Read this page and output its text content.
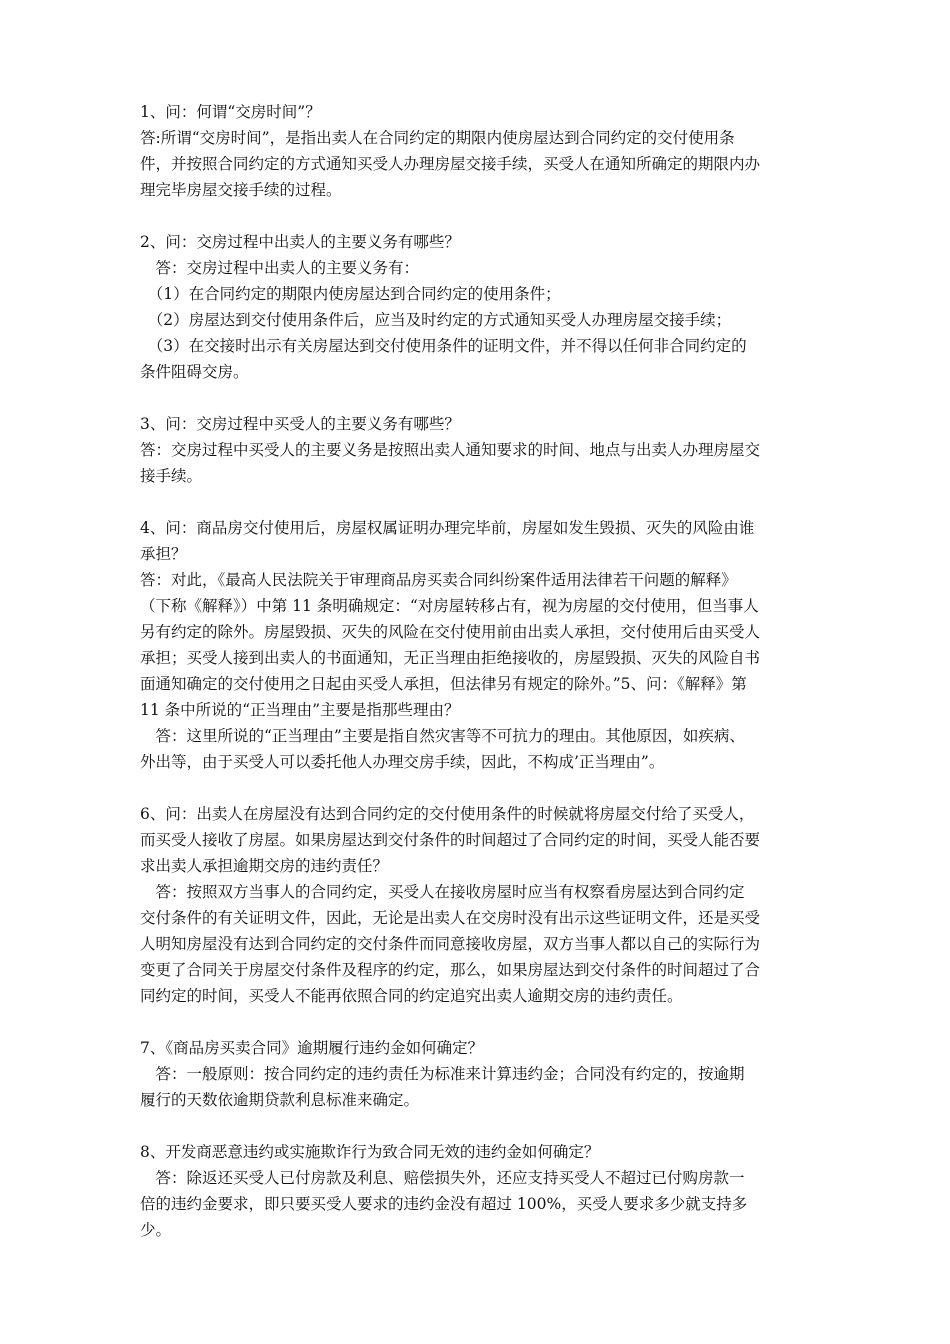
1、问：何谓“交房时间”？
答:所谓“交房时间”，是指出卖人在合同约定的期限内使房屋达到合同约定的交付使用条
件，并按照合同约定的方式通知买受人办理房屋交接手续，买受人在通知所确定的期限内办
理完毕房屋交接手续的过程。
2、问：交房过程中出卖人的主要义务有哪些？
　答：交房过程中出卖人的主要义务有：
　（1）在合同约定的期限内使房屋达到合同约定的使用条件；
　（2）房屋达到交付使用条件后，应当及时约定的方式通知买受人办理房屋交接手续；
　（3）在交接时出示有关房屋达到交付使用条件的证明文件，并不得以任何非合同约定的
条件阻碍交房。
3、问：交房过程中买受人的主要义务有哪些？
答：交房过程中买受人的主要义务是按照出卖人通知要求的时间、地点与出卖人办理房屋交
接手续。
4、问：商品房交付使用后，房屋权属证明办理完毕前，房屋如发生毁损、灭失的风险由谁
承担？
答：对此，《最高人民法院关于审理商品房买卖合同纠纷案件适用法律若干问题的解释》
（下称《解释》）中第 11 条明确规定：“对房屋转移占有，视为房屋的交付使用，但当事人
另有约定的除外。房屋毁损、灭失的风险在交付使用前由出卖人承担，交付使用后由买受人
承担；买受人接到出卖人的书面通知，无正当理由拒绝接收的，房屋毁损、灭失的风险自书
面通知确定的交付使用之日起由买受人承担，但法律另有规定的除外。”5、问：《解释》第
11 条中所说的“正当理由”主要是指那些理由？
　答：这里所说的“正当理由”主要是指自然灾害等不可抗力的理由。其他原因，如疾病、
外出等，由于买受人可以委托他人办理交房手续，因此，不构成’正当理由”。
6、问：出卖人在房屋没有达到合同约定的交付使用条件的时候就将房屋交付给了买受人，
而买受人接收了房屋。如果房屋达到交付条件的时间超过了合同约定的时间，买受人能否要
求出卖人承担逾期交房的违约责任？
　答：按照双方当事人的合同约定，买受人在接收房屋时应当有权察看房屋达到合同约定
交付条件的有关证明文件，因此，无论是出卖人在交房时没有出示这些证明文件，还是买受
人明知房屋没有达到合同约定的交付条件而同意接收房屋，双方当事人都以自己的实际行为
变更了合同关于房屋交付条件及程序的约定，那么，如果房屋达到交付条件的时间超过了合
同约定的时间，买受人不能再依照合同的约定追究出卖人逾期交房的违约责任。
7、《商品房买卖合同》逾期履行违约金如何确定？
　答：一般原则：按合同约定的违约责任为标准来计算违约金；合同没有约定的，按逾期
履行的天数依逾期贷款利息标准来确定。
8、开发商恶意违约或实施欺诈行为致合同无效的违约金如何确定？
　答：除返还买受人已付房款及利息、赔偿损失外，还应支持买受人不超过已付购房款一
倍的违约金要求，即只要买受人要求的违约金没有超过 100%，买受人要求多少就支持多
少。
